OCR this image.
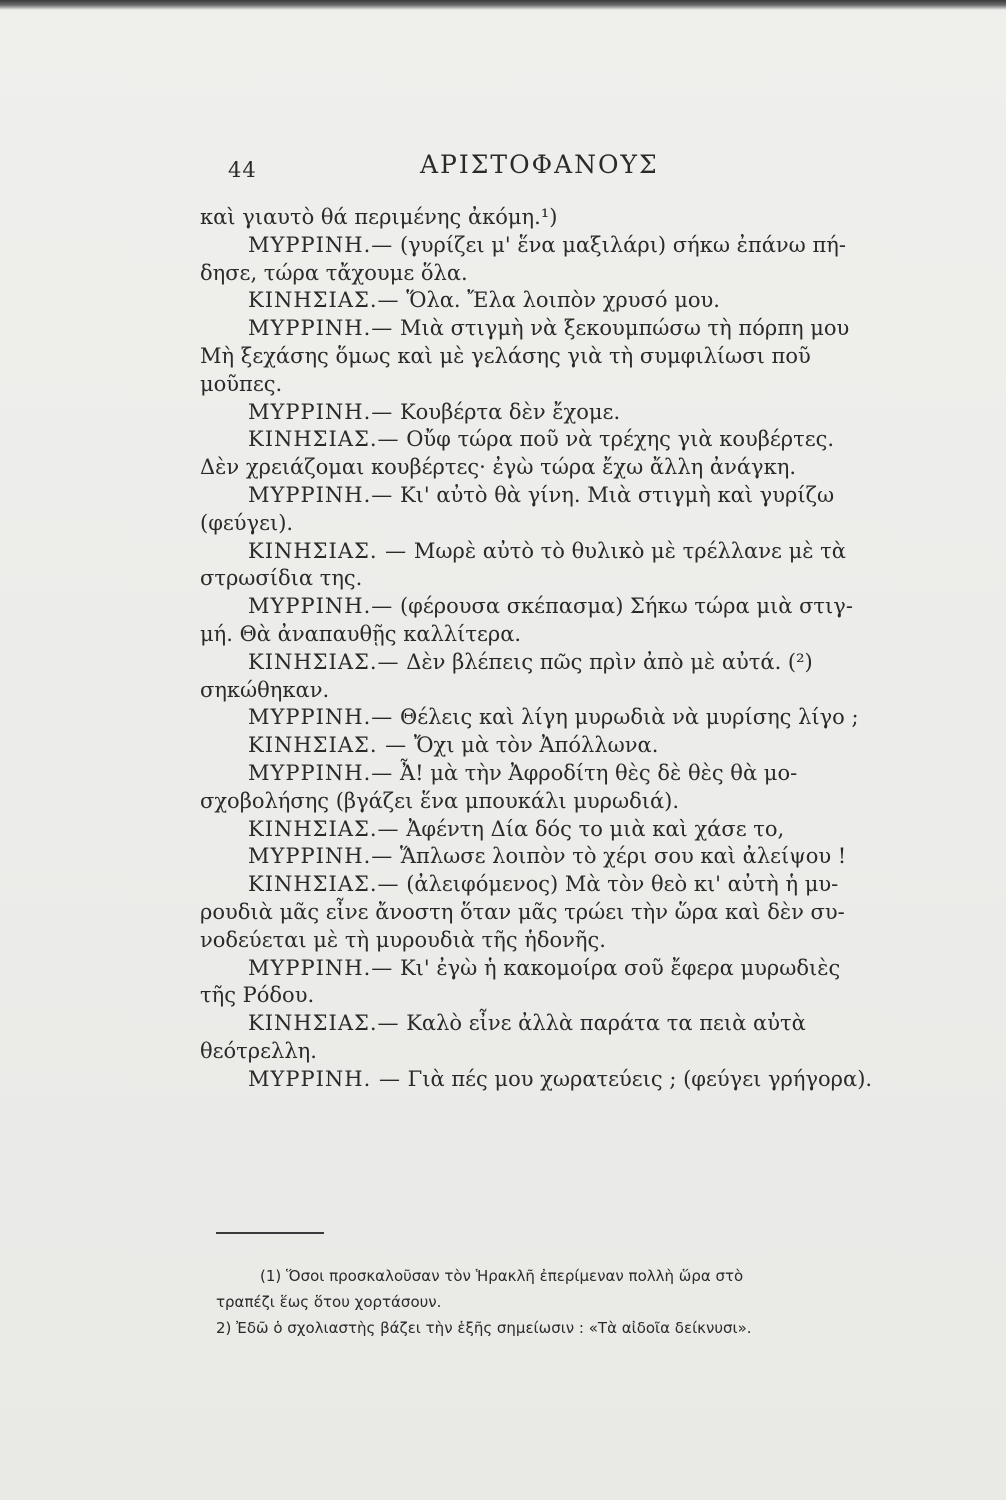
44	ΑΡΙΣΤΟΦΑΝΟΥΣ
καὶ γιαυτὸ θά περιμένης ἀκόμη.¹)
ΜΥΡΡΙΝΗ.— (γυρίζει μ' ἕνα μαξιλάρι) σήκω ἐπάνω πή-
δησε, τώρα τἄχουμε ὅλα.
ΚΙΝΗΣΙΑΣ.— Ὅλα. Ἔλα λοιπὸν χρυσό μου.
ΜΥΡΡΙΝΗ.— Μιὰ στιγμὴ νὰ ξεκουμπώσω τὴ πόρπη μου
Μὴ ξεχάσης ὅμως καὶ μὲ γελάσης γιὰ τὴ συμφιλίωσι ποῦ
μοῦπες.
ΜΥΡΡΙΝΗ.— Κουβέρτα δὲν ἔχομε.
ΚΙΝΗΣΙΑΣ.— Οὔφ τώρα ποῦ νὰ τρέχης γιὰ κουβέρτες.
Δὲν χρειάζομαι κουβέρτες· ἐγὼ τώρα ἔχω ἄλλη ἀνάγκη.
ΜΥΡΡΙΝΗ.— Κι' αὐτὸ θὰ γίνη. Μιὰ στιγμὴ καὶ γυρίζω
(φεύγει).
ΚΙΝΗΣΙΑΣ. — Μωρὲ αὐτὸ τὸ θυλικὸ μὲ τρέλλανε μὲ τὰ
στρωσίδια της.
ΜΥΡΡΙΝΗ.— (φέρουσα σκέπασμα) Σήκω τώρα μιὰ στιγ-
μή. Θὰ ἀναπαυθῇς καλλίτερα.
ΚΙΝΗΣΙΑΣ.— Δὲν βλέπεις πῶς πρὶν ἀπὸ μὲ αὐτά. (²)
σηκώθηκαν.
ΜΥΡΡΙΝΗ.— Θέλεις καὶ λίγη μυρωδιὰ νὰ μυρίσης λίγο ;
ΚΙΝΗΣΙΑΣ. — Ὄχι μὰ τὸν Ἀπόλλωνα.
ΜΥΡΡΙΝΗ.— Ἆ! μὰ τὴν Ἀφροδίτη θὲς δὲ θὲς θὰ μο-
σχοβολήσης (βγάζει ἕνα μπουκάλι μυρωδιά).
ΚΙΝΗΣΙΑΣ.— Ἀφέντη Δία δός το μιὰ καὶ χάσε το,
ΜΥΡΡΙΝΗ.— Ἅπλωσε λοιπὸν τὸ χέρι σου καὶ ἀλείψου !
ΚΙΝΗΣΙΑΣ.— (ἀλειφόμενος) Μὰ τὸν θεὸ κι' αὐτὴ ἡ μυ-
ρουδιὰ μᾶς εἶνε ἄνοστη ὅταν μᾶς τρώει τὴν ὥρα καὶ δὲν συ-
νοδεύεται μὲ τὴ μυρουδιὰ τῆς ἡδονῆς.
ΜΥΡΡΙΝΗ.— Κι' ἐγὼ ἡ κακομοίρα σοῦ ἔφερα μυρωδιὲς
τῆς Ρόδου.
ΚΙΝΗΣΙΑΣ.— Καλὸ εἶνε ἀλλὰ παράτα τα πειὰ αὐτὰ
θεότρελλη.
ΜΥΡΡΙΝΗ. — Γιὰ πές μου χωρατεύεις ; (φεύγει γρήγορα).
(1) Ὅσοι προσκαλοῦσαν τὸν Ἡρακλῆ ἐπερίμεναν πολλὴ ὥρα στὸ
τραπέζι ἕως ὅτου χορτάσουν.
2) Ἐδῶ ὁ σχολιαστὴς βάζει τὴν ἑξῆς σημείωσιν : «Τὰ αἰδοῖα δείκνυσι».
